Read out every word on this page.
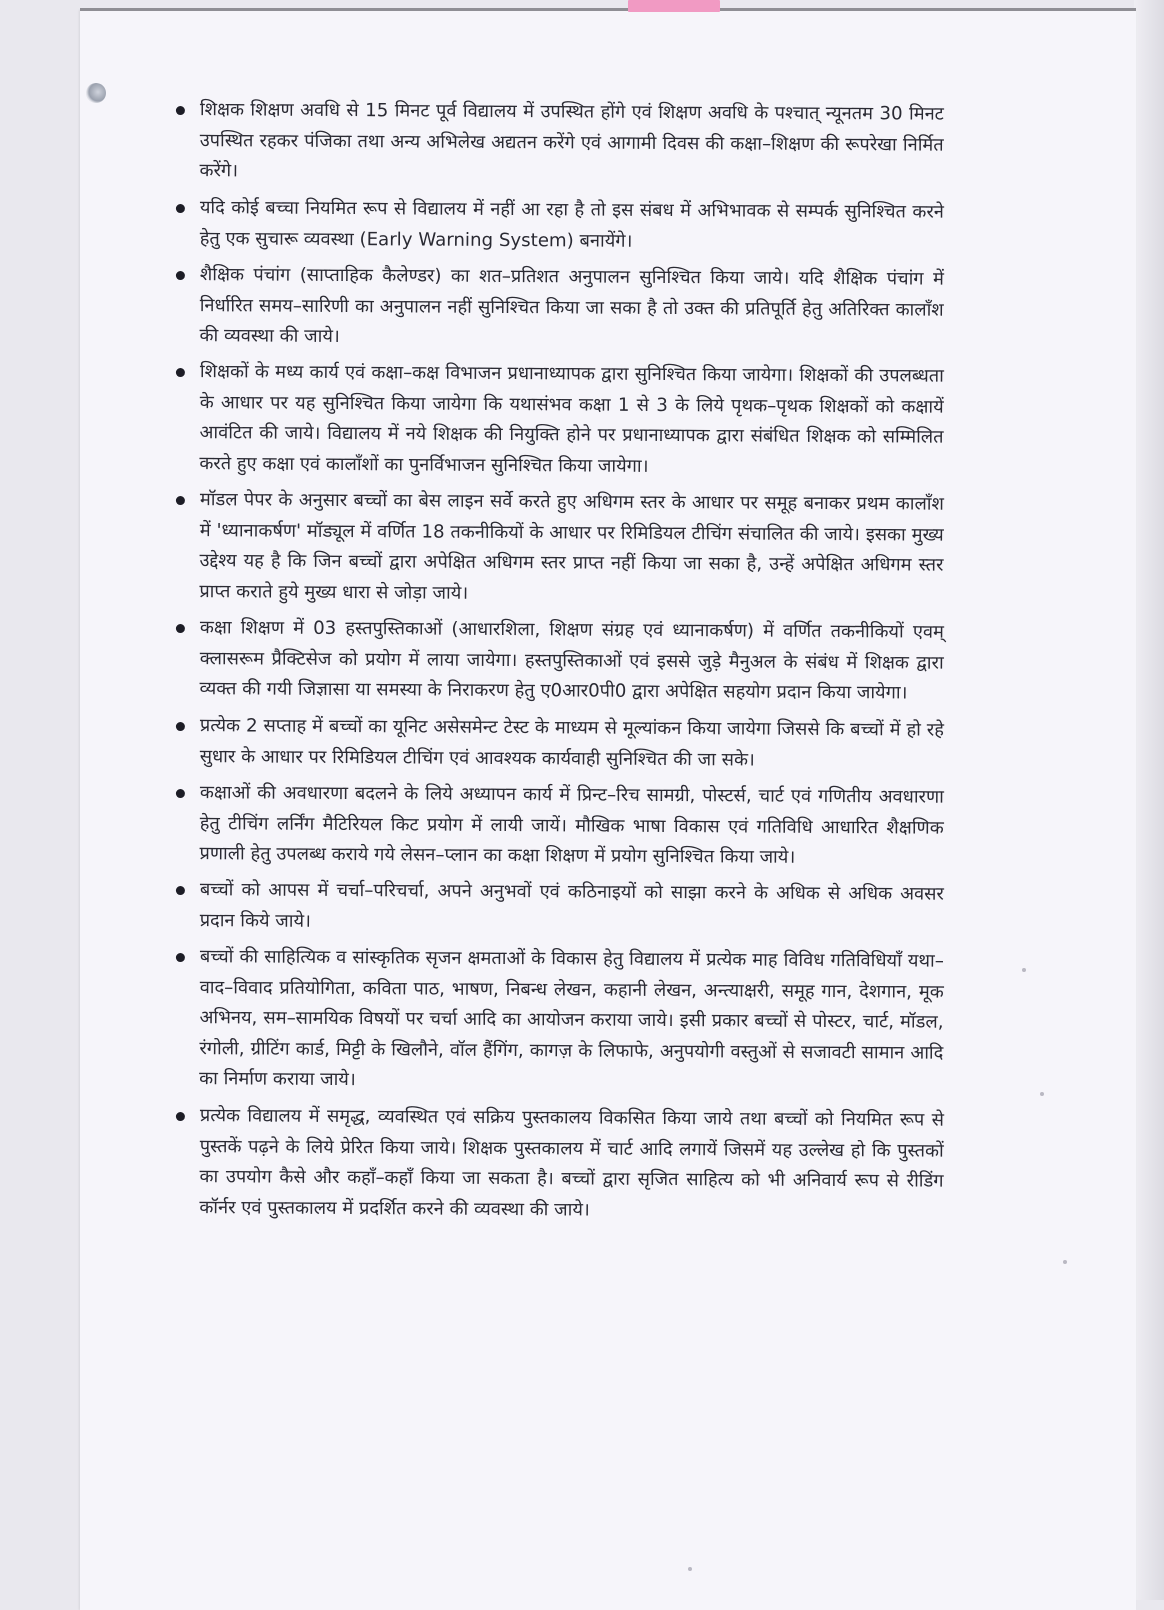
शिक्षक शिक्षण अवधि से 15 मिनट पूर्व विद्यालय में उपस्थित होंगे एवं शिक्षण अवधि के पश्चात् न्यूनतम 30 मिनट उपस्थित रहकर पंजिका तथा अन्य अभिलेख अद्यतन करेंगे एवं आगामी दिवस की कक्षा–शिक्षण की रूपरेखा निर्मित करेंगे।
यदि कोई बच्चा नियमित रूप से विद्यालय में नहीं आ रहा है तो इस संबध में अभिभावक से सम्पर्क सुनिश्चित करने हेतु एक सुचारू व्यवस्था (Early Warning System) बनायेंगे।
शैक्षिक पंचांग (साप्ताहिक कैलेण्डर) का शत–प्रतिशत अनुपालन सुनिश्चित किया जाये। यदि शैक्षिक पंचांग में निर्धारित समय–सारिणी का अनुपालन नहीं सुनिश्चित किया जा सका है तो उक्त की प्रतिपूर्ति हेतु अतिरिक्त कालाँश की व्यवस्था की जाये।
शिक्षकों के मध्य कार्य एवं कक्षा–कक्ष विभाजन प्रधानाध्यापक द्वारा सुनिश्चित किया जायेगा। शिक्षकों की उपलब्धता के आधार पर यह सुनिश्चित किया जायेगा कि यथासंभव कक्षा 1 से 3 के लिये पृथक–पृथक शिक्षकों को कक्षायें आवंटित की जाये। विद्यालय में नये शिक्षक की नियुक्ति होने पर प्रधानाध्यापक द्वारा संबंधित शिक्षक को सम्मिलित करते हुए कक्षा एवं कालाँशों का पुनर्विभाजन सुनिश्चित किया जायेगा।
मॉडल पेपर के अनुसार बच्चों का बेस लाइन सर्वे करते हुए अधिगम स्तर के आधार पर समूह बनाकर प्रथम कालाँश में 'ध्यानाकर्षण' मॉड्यूल में वर्णित 18 तकनीकियों के आधार पर रिमिडियल टीचिंग संचालित की जाये। इसका मुख्य उद्देश्य यह है कि जिन बच्चों द्वारा अपेक्षित अधिगम स्तर प्राप्त नहीं किया जा सका है, उन्हें अपेक्षित अधिगम स्तर प्राप्त कराते हुये मुख्य धारा से जोड़ा जाये।
कक्षा शिक्षण में 03 हस्तपुस्तिकाओं (आधारशिला, शिक्षण संग्रह एवं ध्यानाकर्षण) में वर्णित तकनीकियों एवम् क्लासरूम प्रैक्टिसेज को प्रयोग में लाया जायेगा। हस्तपुस्तिकाओं एवं इससे जुड़े मैनुअल के संबंध में शिक्षक द्वारा व्यक्त की गयी जिज्ञासा या समस्या के निराकरण हेतु ए0आर0पी0 द्वारा अपेक्षित सहयोग प्रदान किया जायेगा।
प्रत्येक 2 सप्ताह में बच्चों का यूनिट असेसमेन्ट टेस्ट के माध्यम से मूल्यांकन किया जायेगा जिससे कि बच्चों में हो रहे सुधार के आधार पर रिमिडियल टीचिंग एवं आवश्यक कार्यवाही सुनिश्चित की जा सके।
कक्षाओं की अवधारणा बदलने के लिये अध्यापन कार्य में प्रिन्ट–रिच सामग्री, पोस्टर्स, चार्ट एवं गणितीय अवधारणा हेतु टीचिंग लर्निंग मैटिरियल किट प्रयोग में लायी जायें। मौखिक भाषा विकास एवं गतिविधि आधारित शैक्षणिक प्रणाली हेतु उपलब्ध कराये गये लेसन–प्लान का कक्षा शिक्षण में प्रयोग सुनिश्चित किया जाये।
बच्चों को आपस में चर्चा–परिचर्चा, अपने अनुभवों एवं कठिनाइयों को साझा करने के अधिक से अधिक अवसर प्रदान किये जाये।
बच्चों की साहित्यिक व सांस्कृतिक सृजन क्षमताओं के विकास हेतु विद्यालय में प्रत्येक माह विविध गतिविधियाँ यथा–वाद–विवाद प्रतियोगिता, कविता पाठ, भाषण, निबन्ध लेखन, कहानी लेखन, अन्त्याक्षरी, समूह गान, देशगान, मूक अभिनय, सम–सामयिक विषयों पर चर्चा आदि का आयोजन कराया जाये। इसी प्रकार बच्चों से पोस्टर, चार्ट, मॉडल, रंगोली, ग्रीटिंग कार्ड, मिट्टी के खिलौने, वॉल हैंगिंग, कागज़ के लिफाफे, अनुपयोगी वस्तुओं से सजावटी सामान आदि का निर्माण कराया जाये।
प्रत्येक विद्यालय में समृद्ध, व्यवस्थित एवं सक्रिय पुस्तकालय विकसित किया जाये तथा बच्चों को नियमित रूप से पुस्तकें पढ़ने के लिये प्रेरित किया जाये। शिक्षक पुस्तकालय में चार्ट आदि लगायें जिसमें यह उल्लेख हो कि पुस्तकों का उपयोग कैसे और कहाँ–कहाँ किया जा सकता है। बच्चों द्वारा सृजित साहित्य को भी अनिवार्य रूप से रीडिंग कॉर्नर एवं पुस्तकालय में प्रदर्शित करने की व्यवस्था की जाये।
